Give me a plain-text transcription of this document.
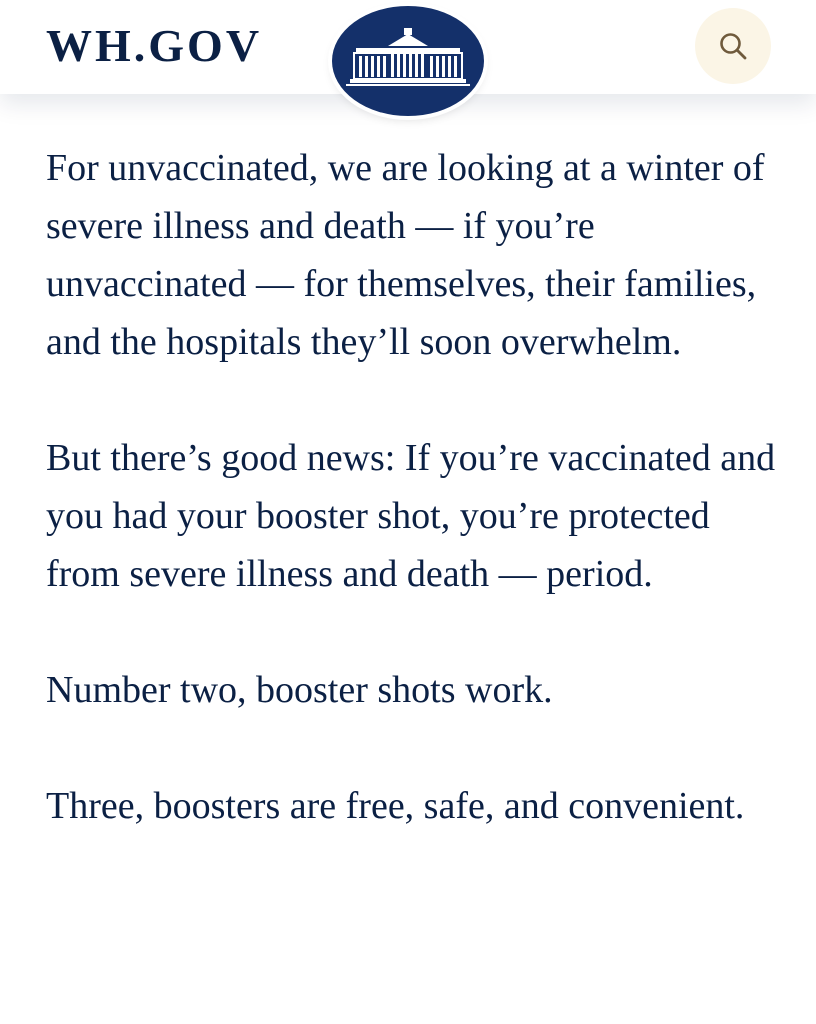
WH.GOV

For unvaccinated, we are looking at a winter of severe illness and death — if you’re unvaccinated — for themselves, their families, and the hospitals they’ll soon overwhelm.

But there’s good news: If you’re vaccinated and you had your booster shot, you’re protected from severe illness and death — period.

Number two, booster shots work.

Three, boosters are free, safe, and convenient.
